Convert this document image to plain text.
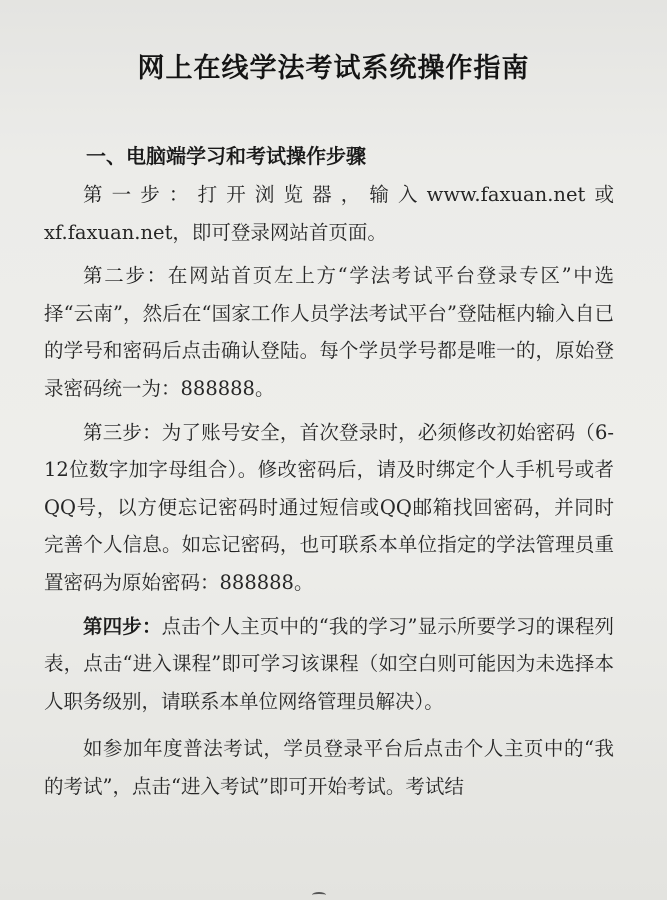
网上在线学法考试系统操作指南
一、电脑端学习和考试操作步骤

第一步：打开浏览器，输入www.faxuan.net或xf.faxuan.net，即可登录网站首页面。

第二步：在网站首页左上方“学法考试平台登录专区”中选择“云南”，然后在“国家工作人员学法考试平台”登陆框内输入自已的学号和密码后点击确认登陆。每个学员学号都是唯一的，原始登录密码统一为：888888。

第三步：为了账号安全，首次登录时，必须修改初始密码（6-12位数字加字母组合）。修改密码后，请及时绑定个人手机号或者QQ号，以方便忘记密码时通过短信或QQ邮箱找回密码，并同时完善个人信息。如忘记密码，也可联系本单位指定的学法管理员重置密码为原始密码：888888。

第四步：点击个人主页中的“我的学习”显示所要学习的课程列表，点击“进入课程”即可学习该课程（如空白则可能因为未选择本人职务级别，请联系本单位网络管理员解决）。

如参加年度普法考试，学员登录平台后点击个人主页中的“我的考试”，点击“进入考试”即可开始考试。考试结
